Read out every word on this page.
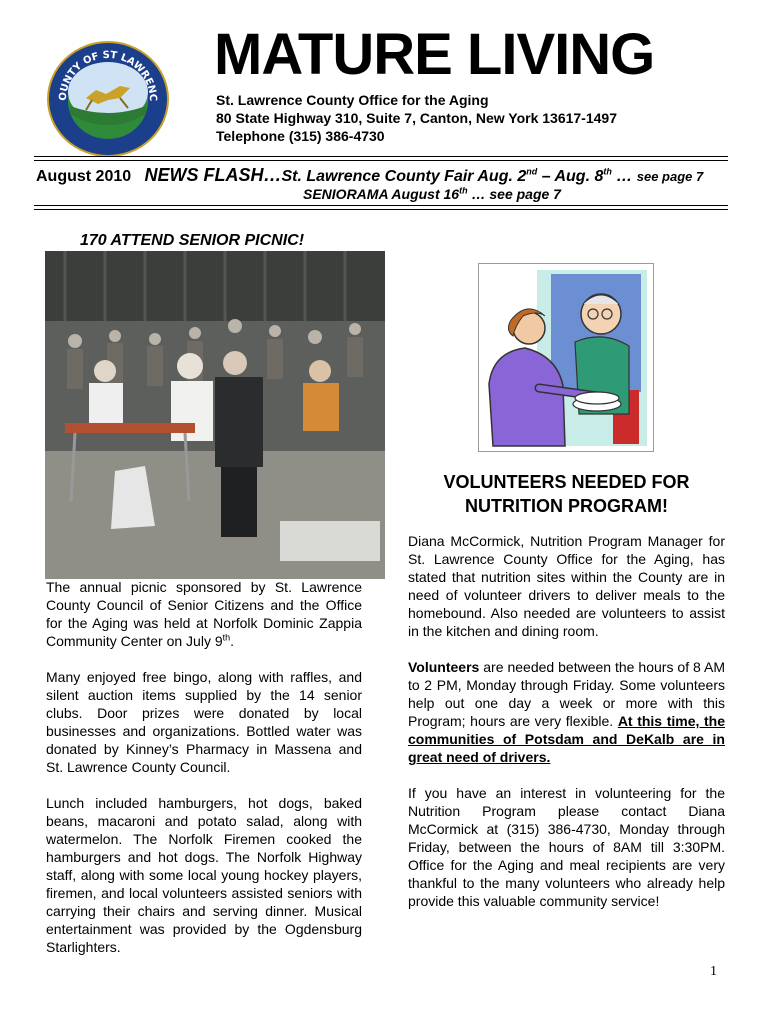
OUNTY OF ST LAWRENC
MATURE LIVING
St. Lawrence County Office for the Aging
80 State Highway 310, Suite 7, Canton, New York 13617-1497
Telephone (315) 386-4730
August 2010 NEWS FLASH…St. Lawrence County Fair Aug. 2nd – Aug. 8th … see page 7
SENIORAMA August 16th … see page 7
170 ATTEND SENIOR PICNIC!

The annual picnic sponsored by St. Lawrence County Council of Senior Citizens and the Office for the Aging was held at Norfolk Dominic Zappia Community Center on July 9th.

Many enjoyed free bingo, along with raffles, and silent auction items supplied by the 14 senior clubs. Door prizes were donated by local businesses and organizations. Bottled water was donated by Kinney’s Pharmacy in Massena and St. Lawrence County Council.

Lunch included hamburgers, hot dogs, baked beans, macaroni and potato salad, along with watermelon. The Norfolk Firemen cooked the hamburgers and hot dogs. The Norfolk Highway staff, along with some local young hockey players, firemen, and local volunteers assisted seniors with carrying their chairs and serving dinner. Musical entertainment was provided by the Ogdensburg Starlighters.

VOLUNTEERS NEEDED FOR NUTRITION PROGRAM!

Diana McCormick, Nutrition Program Manager for St. Lawrence County Office for the Aging, has stated that nutrition sites within the County are in need of volunteer drivers to deliver meals to the homebound. Also needed are volunteers to assist in the kitchen and dining room.

Volunteers are needed between the hours of 8 AM to 2 PM, Monday through Friday. Some volunteers help out one day a week or more with this Program; hours are very flexible. At this time, the communities of Potsdam and DeKalb are in great need of drivers.

If you have an interest in volunteering for the Nutrition Program please contact Diana McCormick at (315) 386-4730, Monday through Friday, between the hours of 8AM till 3:30PM. Office for the Aging and meal recipients are very thankful to the many volunteers who already help provide this valuable community service!

1
